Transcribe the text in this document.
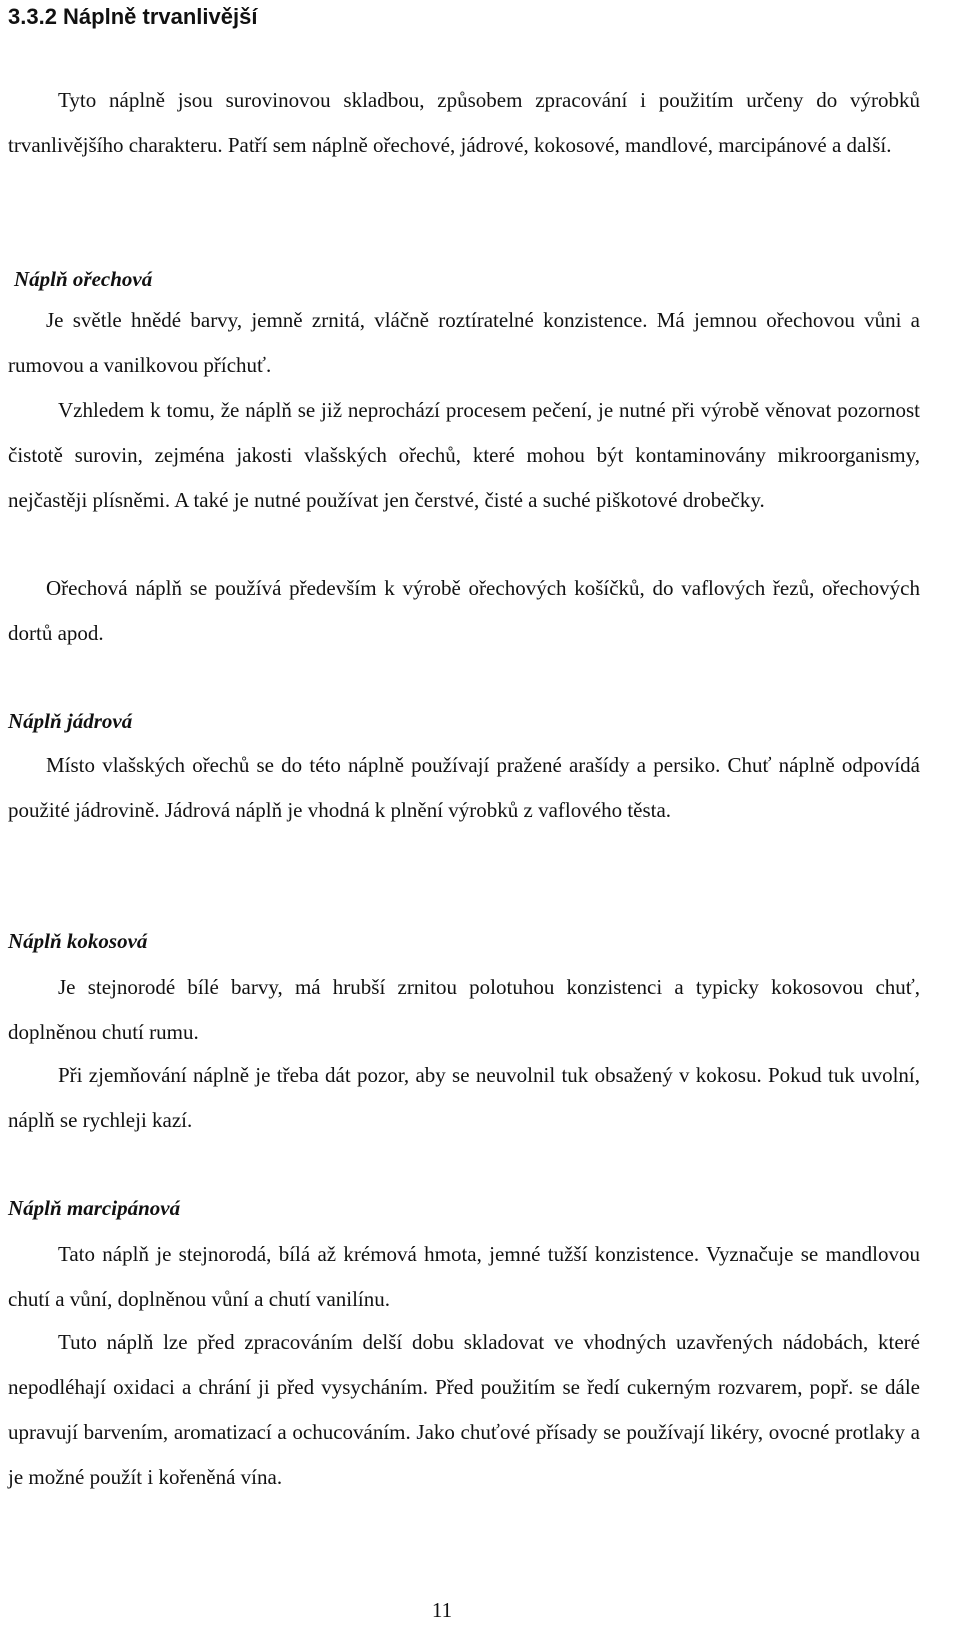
3.3.2 Náplně trvanlivější

Tyto náplně jsou surovinovou skladbou, způsobem zpracování i použitím určeny do výrobků trvanlivějšího charakteru. Patří sem náplně ořechové, jádrové, kokosové, mandlové, marcipánové a další.

Náplň ořechová

Je světle hnědé barvy, jemně zrnitá, vláčně roztíratelné konzistence. Má jemnou ořechovou vůni a rumovou a vanilkovou příchuť.

Vzhledem k tomu, že náplň se již neprochází procesem pečení, je nutné při výrobě věnovat pozornost čistotě surovin, zejména jakosti vlašských ořechů, které mohou být kontaminovány mikroorganismy, nejčastěji plísněmi. A také je nutné používat jen čerstvé, čisté a suché piškotové drobečky.

Ořechová náplň se používá především k výrobě ořechových košíčků, do vaflových řezů, ořechových dortů apod.

Náplň jádrová

Místo vlašských ořechů se do této náplně používají pražené arašídy a persiko. Chuť náplně odpovídá použité jádrovině. Jádrová náplň je vhodná k plnění výrobků z vaflového těsta.

Náplň kokosová

Je stejnorodé bílé barvy, má hrubší zrnitou polotuhou konzistenci a typicky kokosovou chuť, doplněnou chutí rumu.

Při zjemňování náplně je třeba dát pozor, aby se neuvolnil tuk obsažený v kokosu. Pokud tuk uvolní, náplň se rychleji kazí.

Náplň marcipánová

Tato náplň je stejnorodá, bílá až krémová hmota, jemné tužší konzistence. Vyznačuje se mandlovou chutí a vůní, doplněnou vůní a chutí vanilínu.

Tuto náplň lze před zpracováním delší dobu skladovat ve vhodných uzavřených nádobách, které nepodléhají oxidaci a chrání ji před vysycháním. Před použitím se ředí cukerným rozvarem, popř. se dále upravují barvením, aromatizací a ochucováním. Jako chuťové přísady se používají likéry, ovocné protlaky a je možné použít i kořeněná vína.

11
